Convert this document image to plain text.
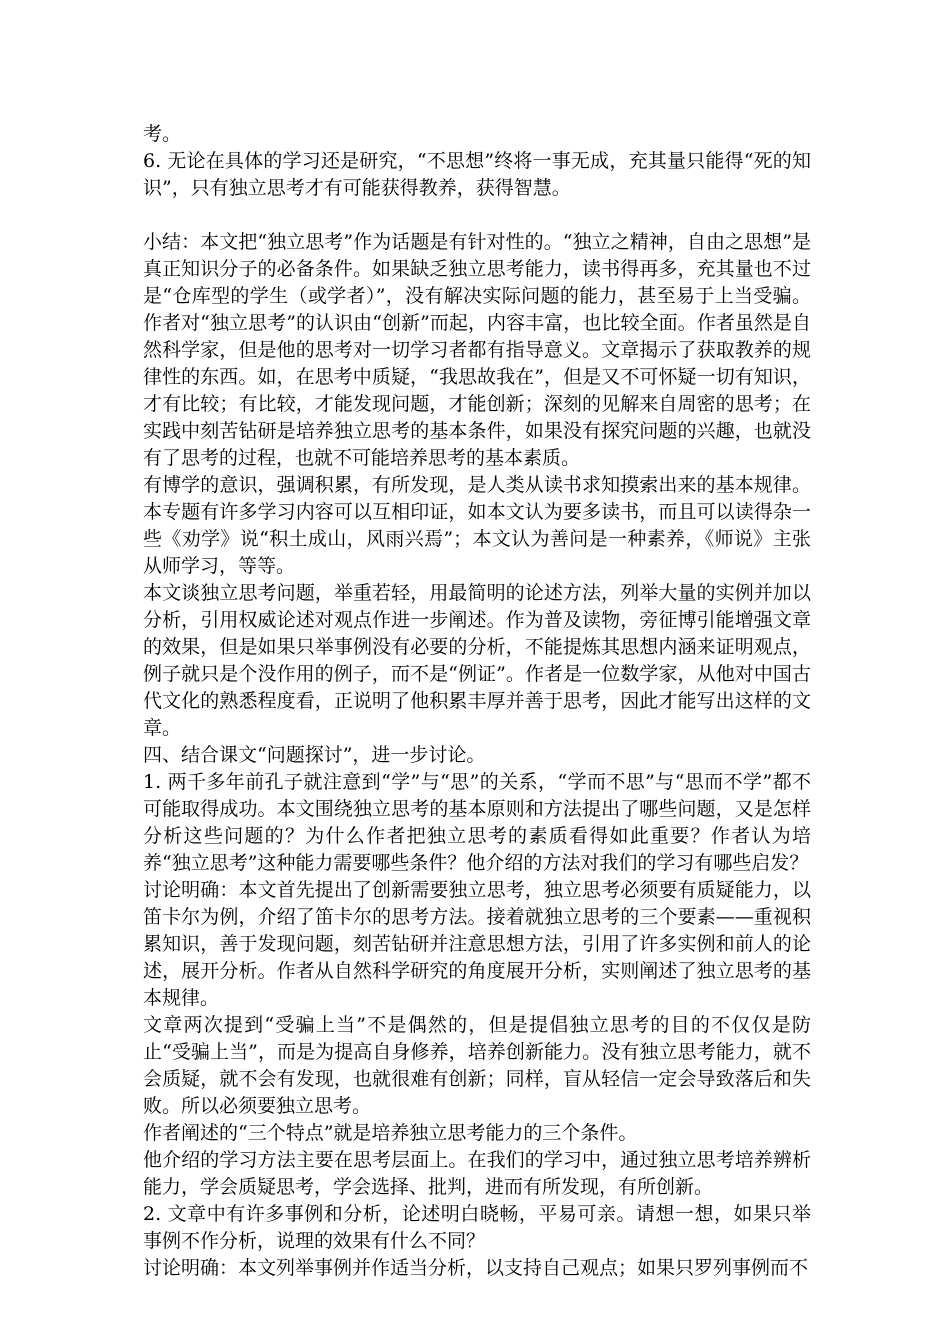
考。

6. 无论在具体的学习还是研究，“不思想”终将一事无成，充其量只能得“死的知识”，只有独立思考才有可能获得教养，获得智慧。

小结：本文把“独立思考”作为话题是有针对性的。“独立之精神，自由之思想”是真正知识分子的必备条件。如果缺乏独立思考能力，读书得再多，充其量也不过是“仓库型的学生（或学者）”，没有解决实际问题的能力，甚至易于上当受骗。作者对“独立思考”的认识由“创新”而起，内容丰富，也比较全面。作者虽然是自然科学家，但是他的思考对一切学习者都有指导意义。文章揭示了获取教养的规律性的东西。如，在思考中质疑，“我思故我在”，但是又不可怀疑一切有知识，才有比较；有比较，才能发现问题，才能创新；深刻的见解来自周密的思考；在实践中刻苦钻研是培养独立思考的基本条件，如果没有探究问题的兴趣，也就没有了思考的过程，也就不可能培养思考的基本素质。

有博学的意识，强调积累，有所发现，是人类从读书求知摸索出来的基本规律。本专题有许多学习内容可以互相印证，如本文认为要多读书，而且可以读得杂一些《劝学》说“积土成山，风雨兴焉”；本文认为善问是一种素养，《师说》主张从师学习，等等。

本文谈独立思考问题，举重若轻，用最简明的论述方法，列举大量的实例并加以分析，引用权威论述对观点作进一步阐述。作为普及读物，旁征博引能增强文章的效果，但是如果只举事例没有必要的分析，不能提炼其思想内涵来证明观点，例子就只是个没作用的例子，而不是“例证”。作者是一位数学家，从他对中国古代文化的熟悉程度看，正说明了他积累丰厚并善于思考，因此才能写出这样的文章。

四、结合课文“问题探讨”，进一步讨论。

1. 两千多年前孔子就注意到“学”与“思”的关系，“学而不思”与“思而不学”都不可能取得成功。本文围绕独立思考的基本原则和方法提出了哪些问题，又是怎样分析这些问题的？为什么作者把独立思考的素质看得如此重要？作者认为培养“独立思考”这种能力需要哪些条件？他介绍的方法对我们的学习有哪些启发？

讨论明确：本文首先提出了创新需要独立思考，独立思考必须要有质疑能力，以笛卡尔为例，介绍了笛卡尔的思考方法。接着就独立思考的三个要素——重视积累知识，善于发现问题，刻苦钻研并注意思想方法，引用了许多实例和前人的论述，展开分析。作者从自然科学研究的角度展开分析，实则阐述了独立思考的基本规律。

文章两次提到“受骗上当”不是偶然的，但是提倡独立思考的目的不仅仅是防止“受骗上当”，而是为提高自身修养，培养创新能力。没有独立思考能力，就不会质疑，就不会有发现，也就很难有创新；同样，盲从轻信一定会导致落后和失败。所以必须要独立思考。

作者阐述的“三个特点”就是培养独立思考能力的三个条件。

他介绍的学习方法主要在思考层面上。在我们的学习中，通过独立思考培养辨析能力，学会质疑思考，学会选择、批判，进而有所发现，有所创新。

2. 文章中有许多事例和分析，论述明白晓畅，平易可亲。请想一想，如果只举事例不作分析，说理的效果有什么不同？

讨论明确：本文列举事例并作适当分析，以支持自己观点；如果只罗列事例而不
